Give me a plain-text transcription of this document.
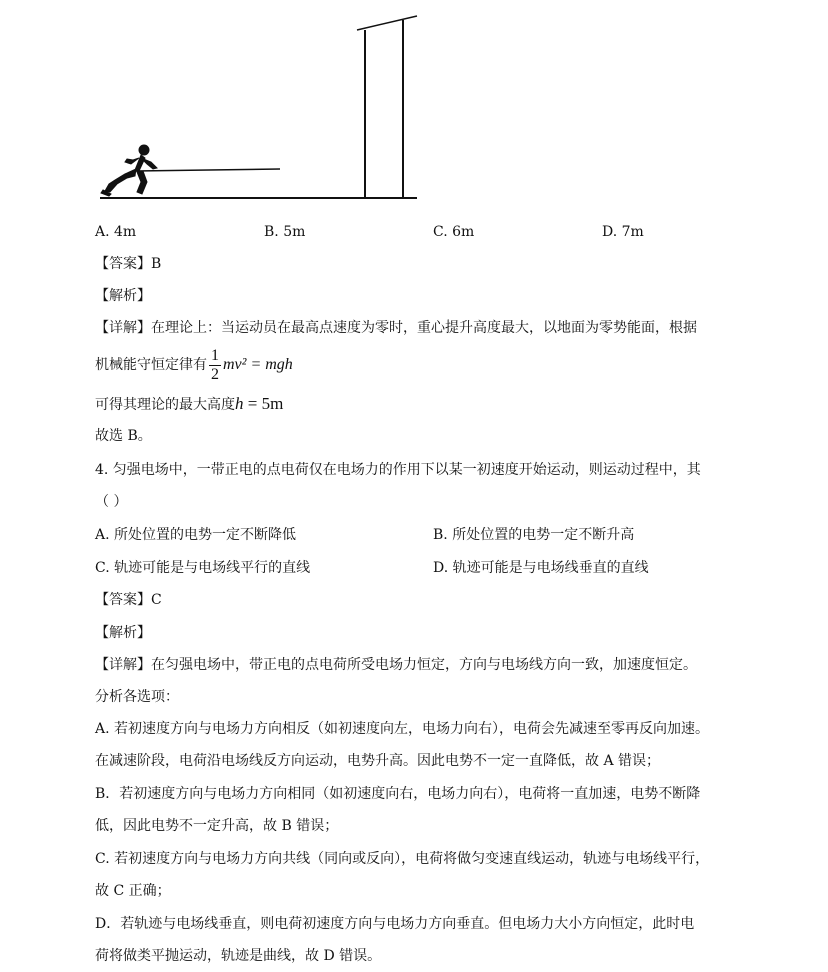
A. 4m	B. 5m	C. 6m	D. 7m
【答案】B
【解析】
【详解】在理论上：当运动员在最高点速度为零时，重心提升高度最大，以地面为零势能面，根据
机械能守恒定律有 $\frac{1}{2} mv^2$ = mgh
可得其理论的最大高度h = 5m
故选 B。
4. 匀强电场中，一带正电的点电荷仅在电场力的作用下以某一初速度开始运动，则运动过程中，其
（ ）
A. 所处位置的电势一定不断降低	B. 所处位置的电势一定不断升高
C. 轨迹可能是与电场线平行的直线	D. 轨迹可能是与电场线垂直的直线
【答案】C
【解析】
【详解】在匀强电场中，带正电的点电荷所受电场力恒定，方向与电场线方向一致，加速度恒定。
分析各选项：
A. 若初速度方向与电场力方向相反（如初速度向左，电场力向右），电荷会先减速至零再反向加速。
在减速阶段，电荷沿电场线反方向运动，电势升高。因此电势不一定一直降低，故 A 错误；
B．若初速度方向与电场力方向相同（如初速度向右，电场力向右），电荷将一直加速，电势不断降
低，因此电势不一定升高，故 B 错误；
C. 若初速度方向与电场力方向共线（同向或反向），电荷将做匀变速直线运动，轨迹与电场线平行，
故 C 正确；
D．若轨迹与电场线垂直，则电荷初速度方向与电场力方向垂直。但电场力大小方向恒定，此时电
荷将做类平抛运动，轨迹是曲线，故 D 错误。
